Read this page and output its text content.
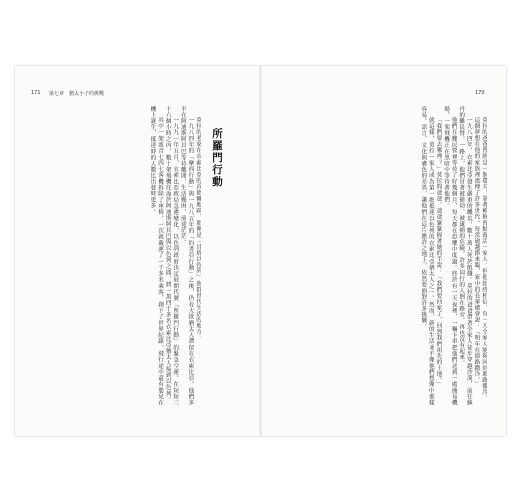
171 第七章　猶太小子的挑戰
所羅門行動

莫拉的老家在衣索比亞的貢德爾地區，那裡是「貝塔以色列」族群世代生活的地方。

一九八四年的「摩西行動」與一九八五年的「約書亞行動」之後，仍有大批猶太人滯留在衣索比亞。他們多半在阿迪斯阿貝巴等待離開，生活艱困，前途茫茫。

一九九一年五月，衣索比亞政局急遽變化，以色列政府決定展開代號「所羅門行動」的緊急空運。在短短三十六個小時之內，數十架飛機往返於阿迪斯阿貝巴與以色列之間，將一萬四千多名衣索比亞猶太人接到以色列。

其中一架波音七四七客機拆除了座椅，一次就載運了一千多名乘客，創下了世界紀錄。飛行途中還有嬰兒在機上誕生，抵達時的人數比出發時更多。

170

莫拉的爸爸曾經是一個農夫，靠著種植苔麩養活一家人。但他始終相信，有一天全家人能夠回到耶路撒冷。

這個夢想在他的家族裡流傳了許多世代。每當逾越節來臨，家中的長輩總會說：「明年在耶路撒冷。」

一九八四年，衣索比亞發生嚴重的饑荒，數十萬人死於飢餓。莫拉的爸爸帶著全家人徒步穿越沙漠，前往蘇丹的難民營。一路上，他們冒著被搶劫、被逮捕的危險，許多同行的人倒在路旁，再也沒有起來。

他們在難民營裡等待了好幾個月，每天都在恐懼中度過。終於有一天夜裡，一輛卡車把他們送到一處簡易機場，一架飛機正在黑暗中等待著他們。

「我們要去哪裡？」莫拉問爸爸。爸爸緊緊握著她的手說：「我們要回家了，回到我們祖先的土地。」

就這樣，莫拉一家人成為第一批抵達以色列的衣索比亞猶太人之一。然而，新的生活並不像他們想像中那樣容易。語言、文化與膚色的差異，讓他們在這片應許之地上，依然要面對許多挑戰。
